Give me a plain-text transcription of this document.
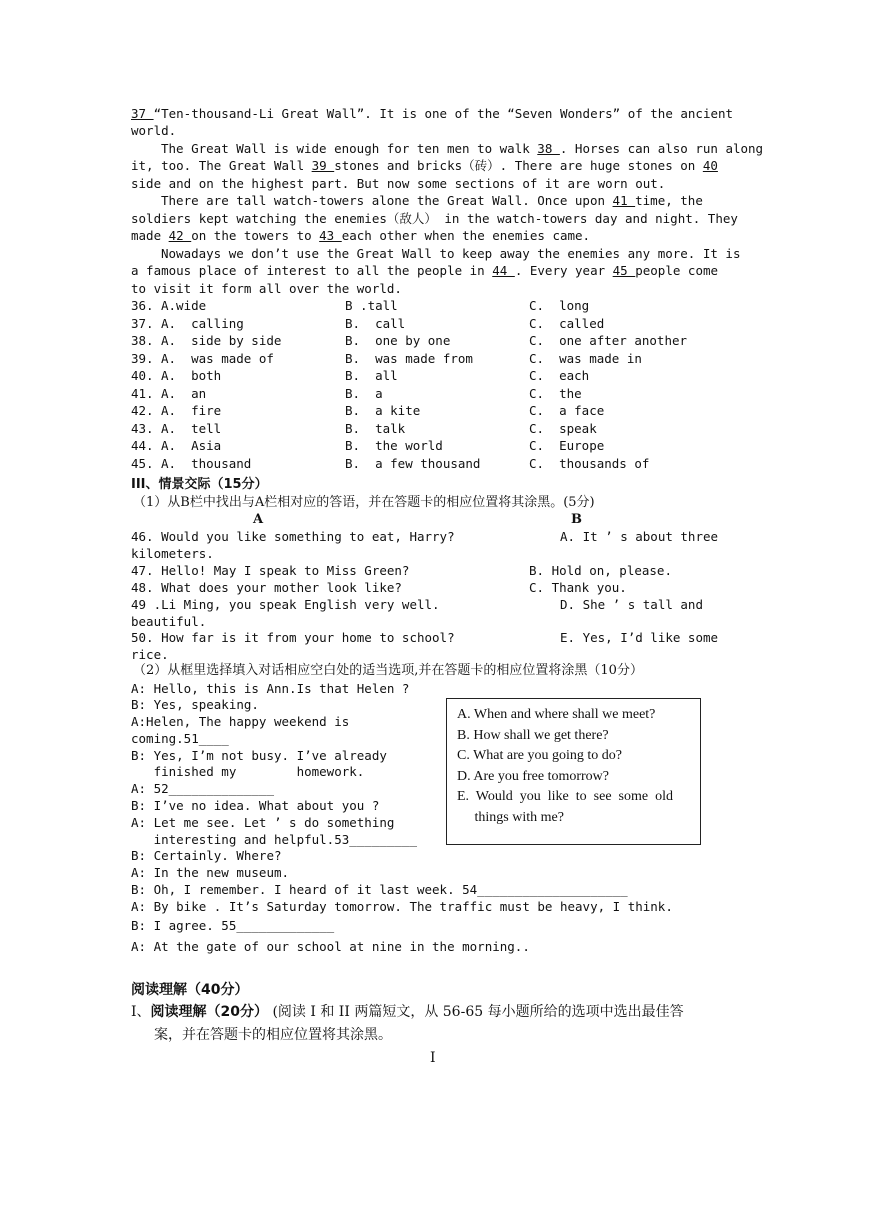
37 “Ten-thousand-Li Great Wall”. It is one of the “Seven Wonders” of the ancient
world.
The Great Wall is wide enough for ten men to walk 38 . Horses can also run along
it, too. The Great Wall 39 stones and bricks（砖）. There are huge stones on 40
side and on the highest part. But now some sections of it are worn out.
There are tall watch-towers alone the Great Wall. Once upon 41 time, the
soldiers kept watching the enemies（敌人） in the watch-towers day and night. They
made 42 on the towers to 43 each other when the enemies came.
Nowadays we don’t use the Great Wall to keep away the enemies any more. It is
a famous place of interest to all the people in 44 . Every year 45 people come
to visit it form all over the world.
36. A.wide	B .tall	C.  long
37. A.  calling	B.  call	C.  called
38. A.  side by side	B.  one by one	C.  one after another
39. A.  was made of	B.  was made from	C.  was made in
40. A.  both	B.  all	C.  each
41. A.  an	B.  a	C.  the
42. A.  fire	B.  a kite	C.  a face
43. A.  tell	B.  talk	C.  speak
44. A.  Asia	B.  the world	C.  Europe
45. A.  thousand	B.  a few thousand	C.  thousands of
III、情景交际（15分）
（1）从B栏中找出与A栏相对应的答语，并在答题卡的相应位置将其涂黑。(5分)
A	B
46. Would you like something to eat, Harry?	A. It ’ s about three
kilometers.
47. Hello! May I speak to Miss Green?	B. Hold on, please.
48. What does your mother look like?	C. Thank you.
49 .Li Ming, you speak English very well.	D. She ’ s tall and
beautiful.
50. How far is it from your home to school?	E. Yes, I’d like some
rice.
（2）从框里选择填入对话相应空白处的适当选项,并在答题卡的相应位置将涂黑（10分）
A: Hello, this is Ann.Is that Helen ?
B: Yes, speaking.
A:Helen, The happy weekend is
coming.51____
B: Yes, I’m not busy. I’ve already
finished my        homework.
A: 52______________
B: I’ve no idea. What about you ?
A: Let me see. Let ’ s do something
interesting and helpful.53_________
B: Certainly. Where?
A: In the new museum.
B: Oh, I remember. I heard of it last week. 54____________________
A: By bike . It’s Saturday tomorrow. The traffic must be heavy, I think.
B: I agree. 55_____________
A: At the gate of our school at nine in the morning..
A. When and where shall we meet?
B. How shall we get there?
C. What are you going to do?
D. Are you free tomorrow?
E.  Would  you  like  to  see  some  old
things with me?
阅读理解（40分）
I、阅读理解（20分） (阅读 I 和 II 两篇短文，从 56-65 每小题所给的选项中选出最佳答
案，并在答题卡的相应位置将其涂黑。
I
